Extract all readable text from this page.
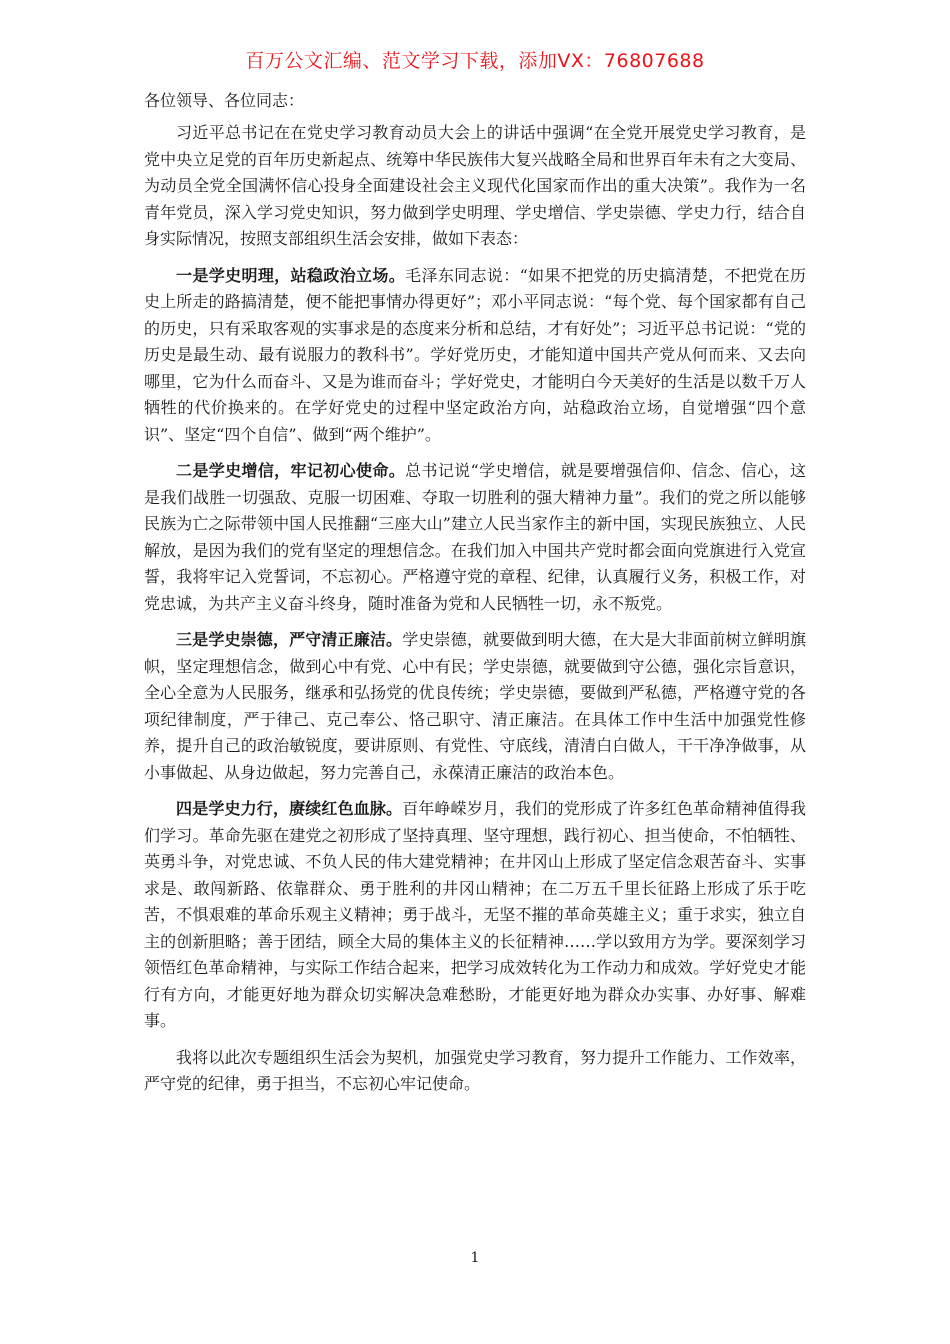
百万公文汇编、范文学习下载，添加VX：76807688
各位领导、各位同志：

习近平总书记在在党史学习教育动员大会上的讲话中强调“在全党开展党史学习教育，是党中央立足党的百年历史新起点、统筹中华民族伟大复兴战略全局和世界百年未有之大变局、为动员全党全国满怀信心投身全面建设社会主义现代化国家而作出的重大决策”。我作为一名青年党员，深入学习党史知识，努力做到学史明理、学史增信、学史崇德、学史力行，结合自身实际情况，按照支部组织生活会安排，做如下表态：

一是学史明理，站稳政治立场。毛泽东同志说：“如果不把党的历史搞清楚，不把党在历史上所走的路搞清楚，便不能把事情办得更好”；邓小平同志说：“每个党、每个国家都有自己的历史，只有采取客观的实事求是的态度来分析和总结，才有好处”；习近平总书记说：“党的历史是最生动、最有说服力的教科书”。学好党历史，才能知道中国共产党从何而来、又去向哪里，它为什么而奋斗、又是为谁而奋斗；学好党史，才能明白今天美好的生活是以数千万人牺牲的代价换来的。在学好党史的过程中坚定政治方向，站稳政治立场，自觉增强“四个意识”、坚定“四个自信”、做到“两个维护”。

二是学史增信，牢记初心使命。总书记说“学史增信，就是要增强信仰、信念、信心，这是我们战胜一切强敌、克服一切困难、夺取一切胜利的强大精神力量”。我们的党之所以能够民族为亡之际带领中国人民推翻“三座大山”建立人民当家作主的新中国，实现民族独立、人民解放，是因为我们的党有坚定的理想信念。在我们加入中国共产党时都会面向党旗进行入党宣誓，我将牢记入党誓词，不忘初心。严格遵守党的章程、纪律，认真履行义务，积极工作，对党忠诚，为共产主义奋斗终身，随时准备为党和人民牺牲一切，永不叛党。

三是学史崇德，严守清正廉洁。学史崇德，就要做到明大德，在大是大非面前树立鲜明旗帜，坚定理想信念，做到心中有党、心中有民；学史崇德，就要做到守公德，强化宗旨意识，全心全意为人民服务，继承和弘扬党的优良传统；学史崇德，要做到严私德，严格遵守党的各项纪律制度，严于律己、克己奉公、恪己职守、清正廉洁。在具体工作中生活中加强党性修养，提升自己的政治敏锐度，要讲原则、有党性、守底线，清清白白做人，干干净净做事，从小事做起、从身边做起，努力完善自己，永葆清正廉洁的政治本色。

四是学史力行，赓续红色血脉。百年峥嵘岁月，我们的党形成了许多红色革命精神值得我们学习。革命先驱在建党之初形成了坚持真理、坚守理想，践行初心、担当使命，不怕牺牲、英勇斗争，对党忠诚、不负人民的伟大建党精神；在井冈山上形成了坚定信念艰苦奋斗、实事求是、敢闯新路、依靠群众、勇于胜利的井冈山精神；在二万五千里长征路上形成了乐于吃苦，不惧艰难的革命乐观主义精神；勇于战斗，无坚不摧的革命英雄主义；重于求实，独立自主的创新胆略；善于团结，顾全大局的集体主义的长征精神……学以致用方为学。要深刻学习领悟红色革命精神，与实际工作结合起来，把学习成效转化为工作动力和成效。学好党史才能行有方向，才能更好地为群众切实解决急难愁盼，才能更好地为群众办实事、办好事、解难事。

我将以此次专题组织生活会为契机，加强党史学习教育，努力提升工作能力、工作效率，严守党的纪律，勇于担当，不忘初心牢记使命。

1
